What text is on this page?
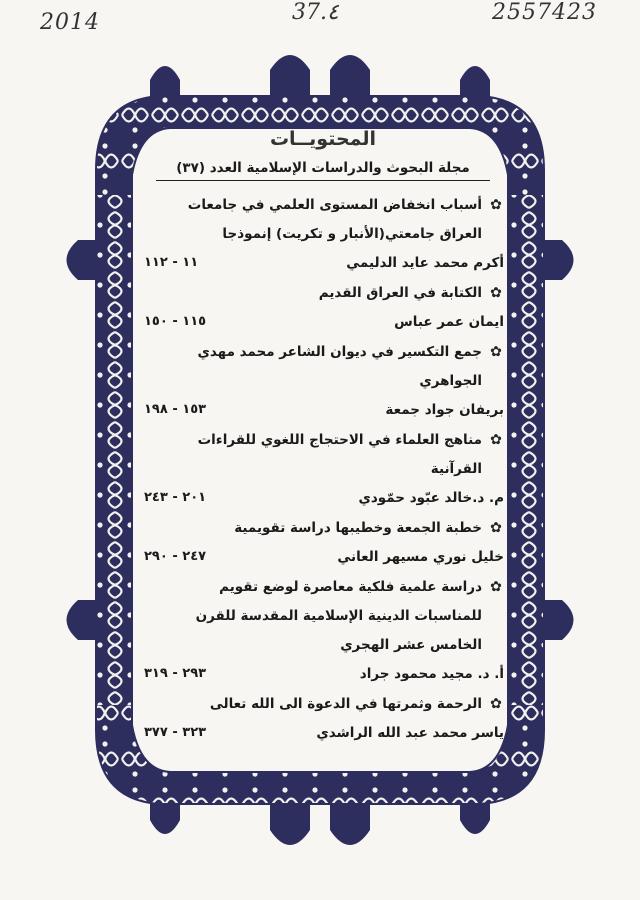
2014	37.٤	2557423
المحتويــات
مجلة البحوث والدراسات الإسلامية العدد (٣٧)
✿
أسباب انخفاض المستوى العلمي في جامعات
العراق جامعتي(الأنبار و تكريت) إنموذجا
أكرم محمد عايد الدليمي
١١ - ١١٢
✿
الكتابة في العراق القديم
ايمان عمر عباس
١١٥ - ١٥٠
✿
جمع التكسير في ديوان الشاعر محمد مهدي
الجواهري
بريفان جواد جمعة
١٥٣ - ١٩٨
✿
مناهج العلماء في الاحتجاج اللغوي للقراءات
القرآنية
م. د.خالد عبّود حمّودي
٢٠١ - ٢٤٣
✿
خطبة الجمعة وخطيبها دراسة تقويمية
خليل نوري مسيهر العاني
٢٤٧ - ٢٩٠
✿
دراسة علمية فلكية معاصرة لوضع تقويم
للمناسبات الدينية الإسلامية المقدسة للقرن
الخامس عشر الهجري
أ. د. مجيد محمود جراد
٢٩٣ - ٣١٩
✿
الرحمة وثمرتها في الدعوة الى الله تعالى
ياسر محمد عبد الله الراشدي
٣٢٣ - ٣٧٧
